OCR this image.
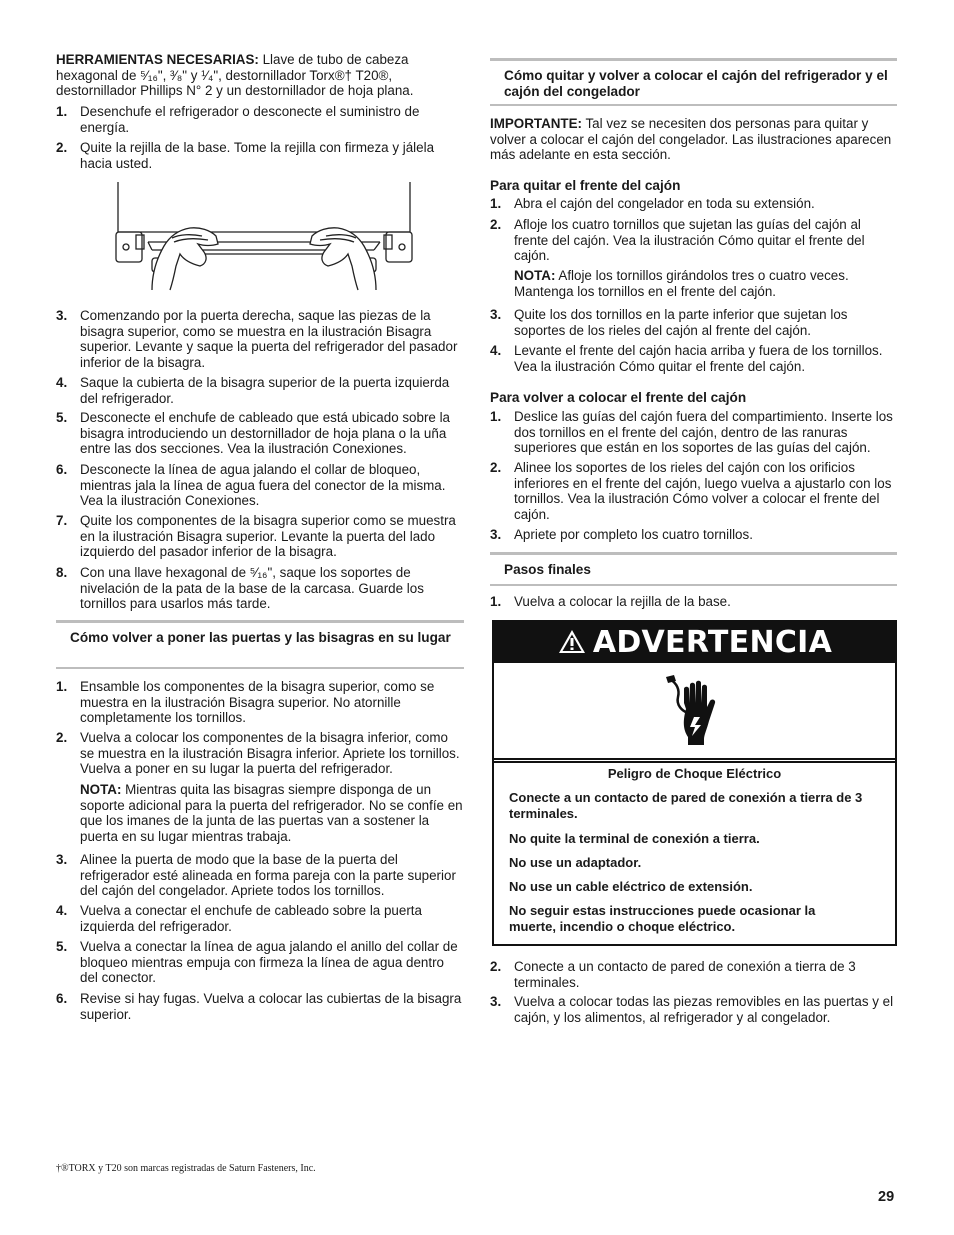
HERRAMIENTAS NECESARIAS: Llave de tubo de cabeza hexagonal de ⁵⁄₁₆", ³⁄₈" y ¹⁄₄", destornillador Torx®† T20®, destornillador Phillips N° 2 y un destornillador de hoja plana.

1. Desenchufe el refrigerador o desconecte el suministro de energía.
2. Quite la rejilla de la base. Tome la rejilla con firmeza y jálela hacia usted.
3. Comenzando por la puerta derecha, saque las piezas de la bisagra superior, como se muestra en la ilustración Bisagra superior. Levante y saque la puerta del refrigerador del pasador inferior de la bisagra.
4. Saque la cubierta de la bisagra superior de la puerta izquierda del refrigerador.
5. Desconecte el enchufe de cableado que está ubicado sobre la bisagra introduciendo un destornillador de hoja plana o la uña entre las dos secciones. Vea la ilustración Conexiones.
6. Desconecte la línea de agua jalando el collar de bloqueo, mientras jala la línea de agua fuera del conector de la misma. Vea la ilustración Conexiones.
7. Quite los componentes de la bisagra superior como se muestra en la ilustración Bisagra superior. Levante la puerta del lado izquierdo del pasador inferior de la bisagra.
8. Con una llave hexagonal de ⁵⁄₁₆", saque los soportes de nivelación de la pata de la base de la carcasa. Guarde los tornillos para usarlos más tarde.
Cómo volver a poner las puertas y las bisagras en su lugar
1. Ensamble los componentes de la bisagra superior, como se muestra en la ilustración Bisagra superior. No atornille completamente los tornillos.
2. Vuelva a colocar los componentes de la bisagra inferior, como se muestra en la ilustración Bisagra inferior. Apriete los tornillos. Vuelva a poner en su lugar la puerta del refrigerador.

NOTA: Mientras quita las bisagras siempre disponga de un soporte adicional para la puerta del refrigerador. No se confíe en que los imanes de la junta de las puertas van a sostener la puerta en su lugar mientras trabaja.

3. Alinee la puerta de modo que la base de la puerta del refrigerador esté alineada en forma pareja con la parte superior del cajón del congelador. Apriete todos los tornillos.
4. Vuelva a conectar el enchufe de cableado sobre la puerta izquierda del refrigerador.
5. Vuelva a conectar la línea de agua jalando el anillo del collar de bloqueo mientras empuja con firmeza la línea de agua dentro del conector.
6. Revise si hay fugas. Vuelva a colocar las cubiertas de la bisagra superior.
Cómo quitar y volver a colocar el cajón del refrigerador y el cajón del congelador

IMPORTANTE: Tal vez se necesiten dos personas para quitar y volver a colocar el cajón del congelador. Las ilustraciones aparecen más adelante en esta sección.

Para quitar el frente del cajón
1. Abra el cajón del congelador en toda su extensión.
2. Afloje los cuatro tornillos que sujetan las guías del cajón al frente del cajón. Vea la ilustración Cómo quitar el frente del cajón.

NOTA: Afloje los tornillos girándolos tres o cuatro veces. Mantenga los tornillos en el frente del cajón.

3. Quite los dos tornillos en la parte inferior que sujetan los soportes de los rieles del cajón al frente del cajón.
4. Levante el frente del cajón hacia arriba y fuera de los tornillos. Vea la ilustración Cómo quitar el frente del cajón.
Para volver a colocar el frente del cajón
1. Deslice las guías del cajón fuera del compartimiento. Inserte los dos tornillos en el frente del cajón, dentro de las ranuras superiores que están en los soportes de las guías del cajón.
2. Alinee los soportes de los rieles del cajón con los orificios inferiores en el frente del cajón, luego vuelva a ajustarlo con los tornillos. Vea la ilustración Cómo volver a colocar el frente del cajón.
3. Apriete por completo los cuatro tornillos.
Pasos finales
1. Vuelva a colocar la rejilla de la base.
2. Conecte a un contacto de pared de conexión a tierra de 3 terminales.
3. Vuelva a colocar todas las piezas removibles en las puertas y el cajón, y los alimentos, al refrigerador y al congelador.
ADVERTENCIA
Peligro de Choque Eléctrico
Conecte a un contacto de pared de conexión a tierra de 3 terminales.
No quite la terminal de conexión a tierra.
No use un adaptador.
No use un cable eléctrico de extensión.
No seguir estas instrucciones puede ocasionar la muerte, incendio o choque eléctrico.
†®TORX y T20 son marcas registradas de Saturn Fasteners, Inc.
29
